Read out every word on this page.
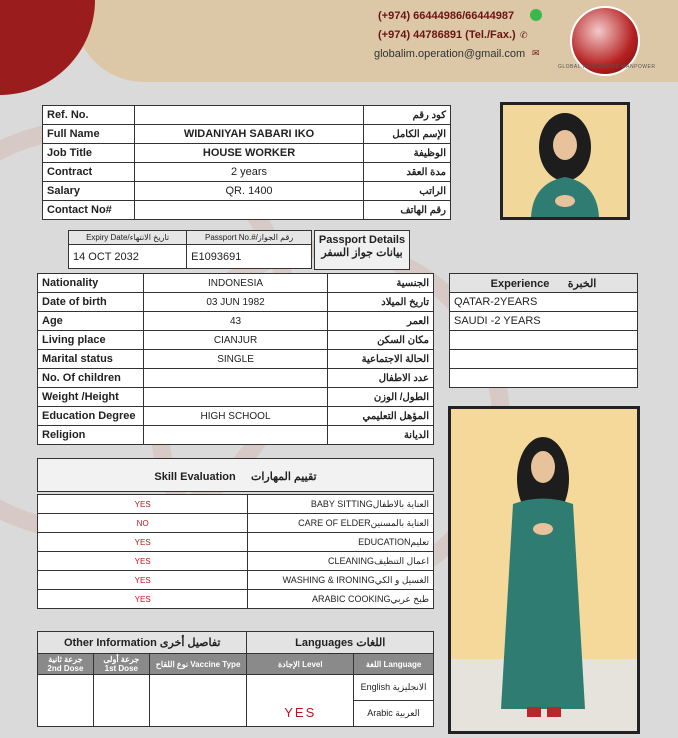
(+974) 66444986/66444987
(+974) 44786891 (Tel./Fax.) ✆
globalim.operation@gmail.com ✉
GLOBAL INTEGRATED MANPOWER
Ref. No.		كود رقم
Full Name	WIDANIYAH SABARI IKO	الإسم الكامل
Job Title	HOUSE WORKER	الوظيفة
Contract	2 years	مدة العقد
Salary	QR. 1400	الراتب
Contact No#		رقم الهاتف
Expiry Date/تاريخ الانتهاء	Passport No.#/رقم الجواز
14 OCT 2032	E1093691
Passport Details
بيانات جواز السفر
Nationality	INDONESIA	الجنسية
Date of birth	03 JUN 1982	تاريخ الميلاد
Age	43	العمر
Living place	CIANJUR	مكان السكن
Marital status	SINGLE	الحالة الاجتماعية
No. Of children		عدد الاطفال
Weight /Height		الطول/ الوزن
Education Degree	HIGH SCHOOL	المؤهل التعليمي
Religion		الديانة
Experience الخبرة
QATAR-2YEARS
SAUDI -2 YEARS

Skill Evaluation تقييم المهارات
YES	BABY SITTINGالعناية بالاطفال
NO	CARE OF ELDERالعناية بالمسنين
YES	EDUCATIONتعليم
YES	CLEANINGاعمال التنظيف
YES	WASHING & IRONINGالغسيل و الكي
YES	ARABIC COOKINGطبخ عربي
Other Information تفاصيل أخرى			Languages اللغات	
جرعة ثانية 2nd Dose	جرعة أولى 1st Dose	نوع اللقاح Vaccine Type	الإجادة Level	اللغة Language
			YES	English الانجليزية
				Arabic العربية
